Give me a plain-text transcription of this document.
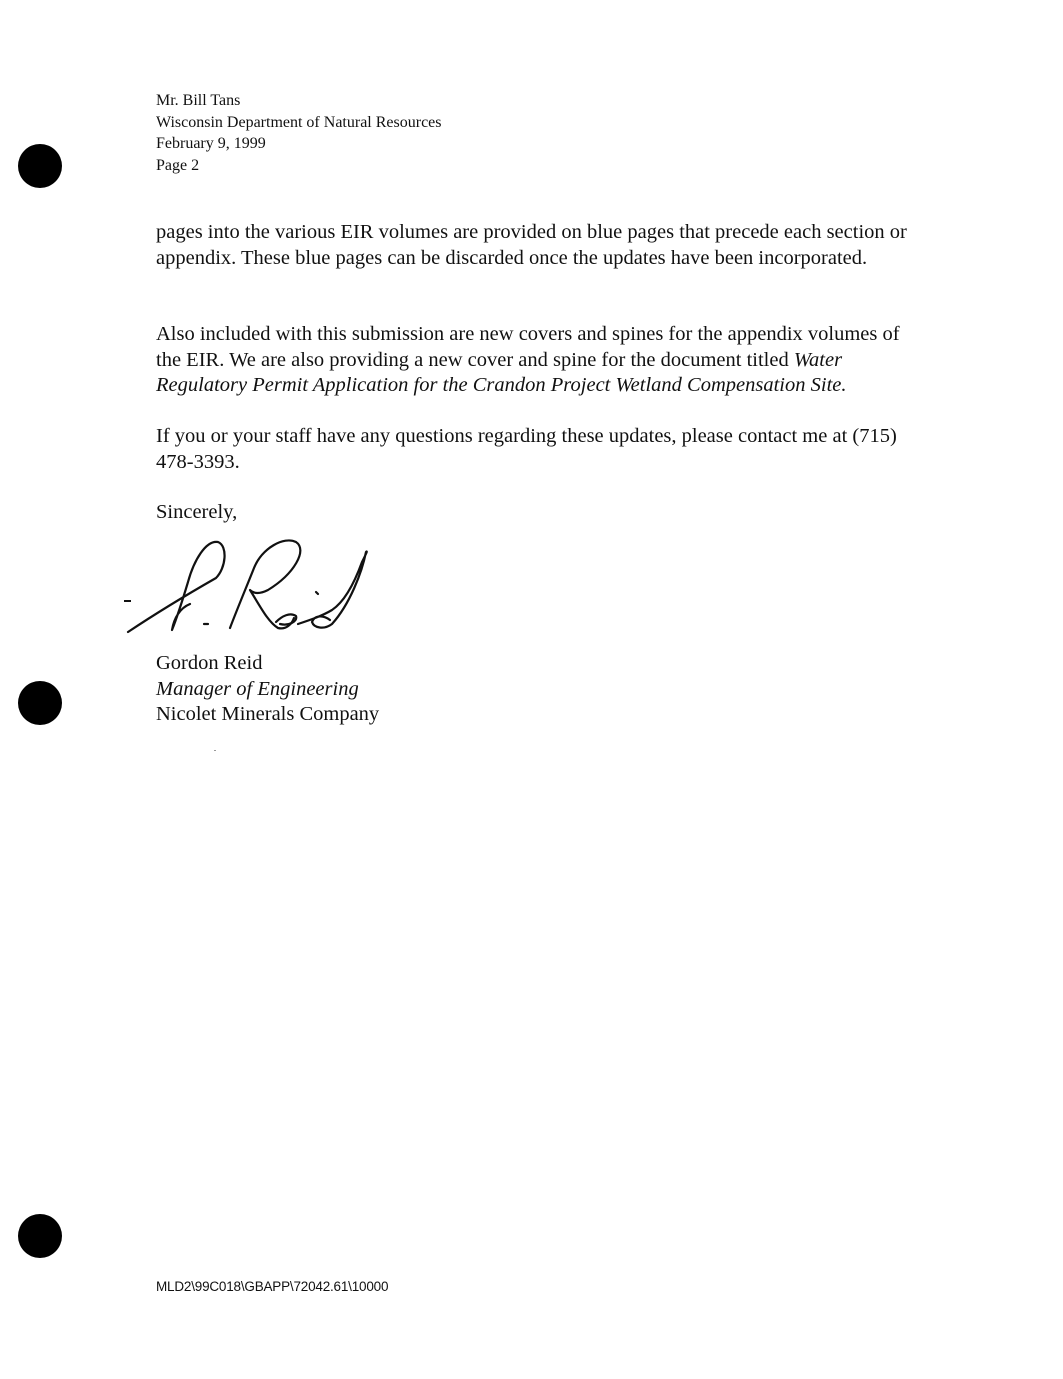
Mr. Bill Tans
Wisconsin Department of Natural Resources
February 9, 1999
Page 2

pages into the various EIR volumes are provided on blue pages that precede each section or appendix. These blue pages can be discarded once the updates have been incorporated.

Also included with this submission are new covers and spines for the appendix volumes of the EIR. We are also providing a new cover and spine for the document titled Water Regulatory Permit Application for the Crandon Project Wetland Compensation Site.

If you or your staff have any questions regarding these updates, please contact me at (715) 478-3393.

Sincerely,

Gordon Reid
Manager of Engineering
Nicolet Minerals Company
MLD2\99C018\GBAPP\72042.61\10000
